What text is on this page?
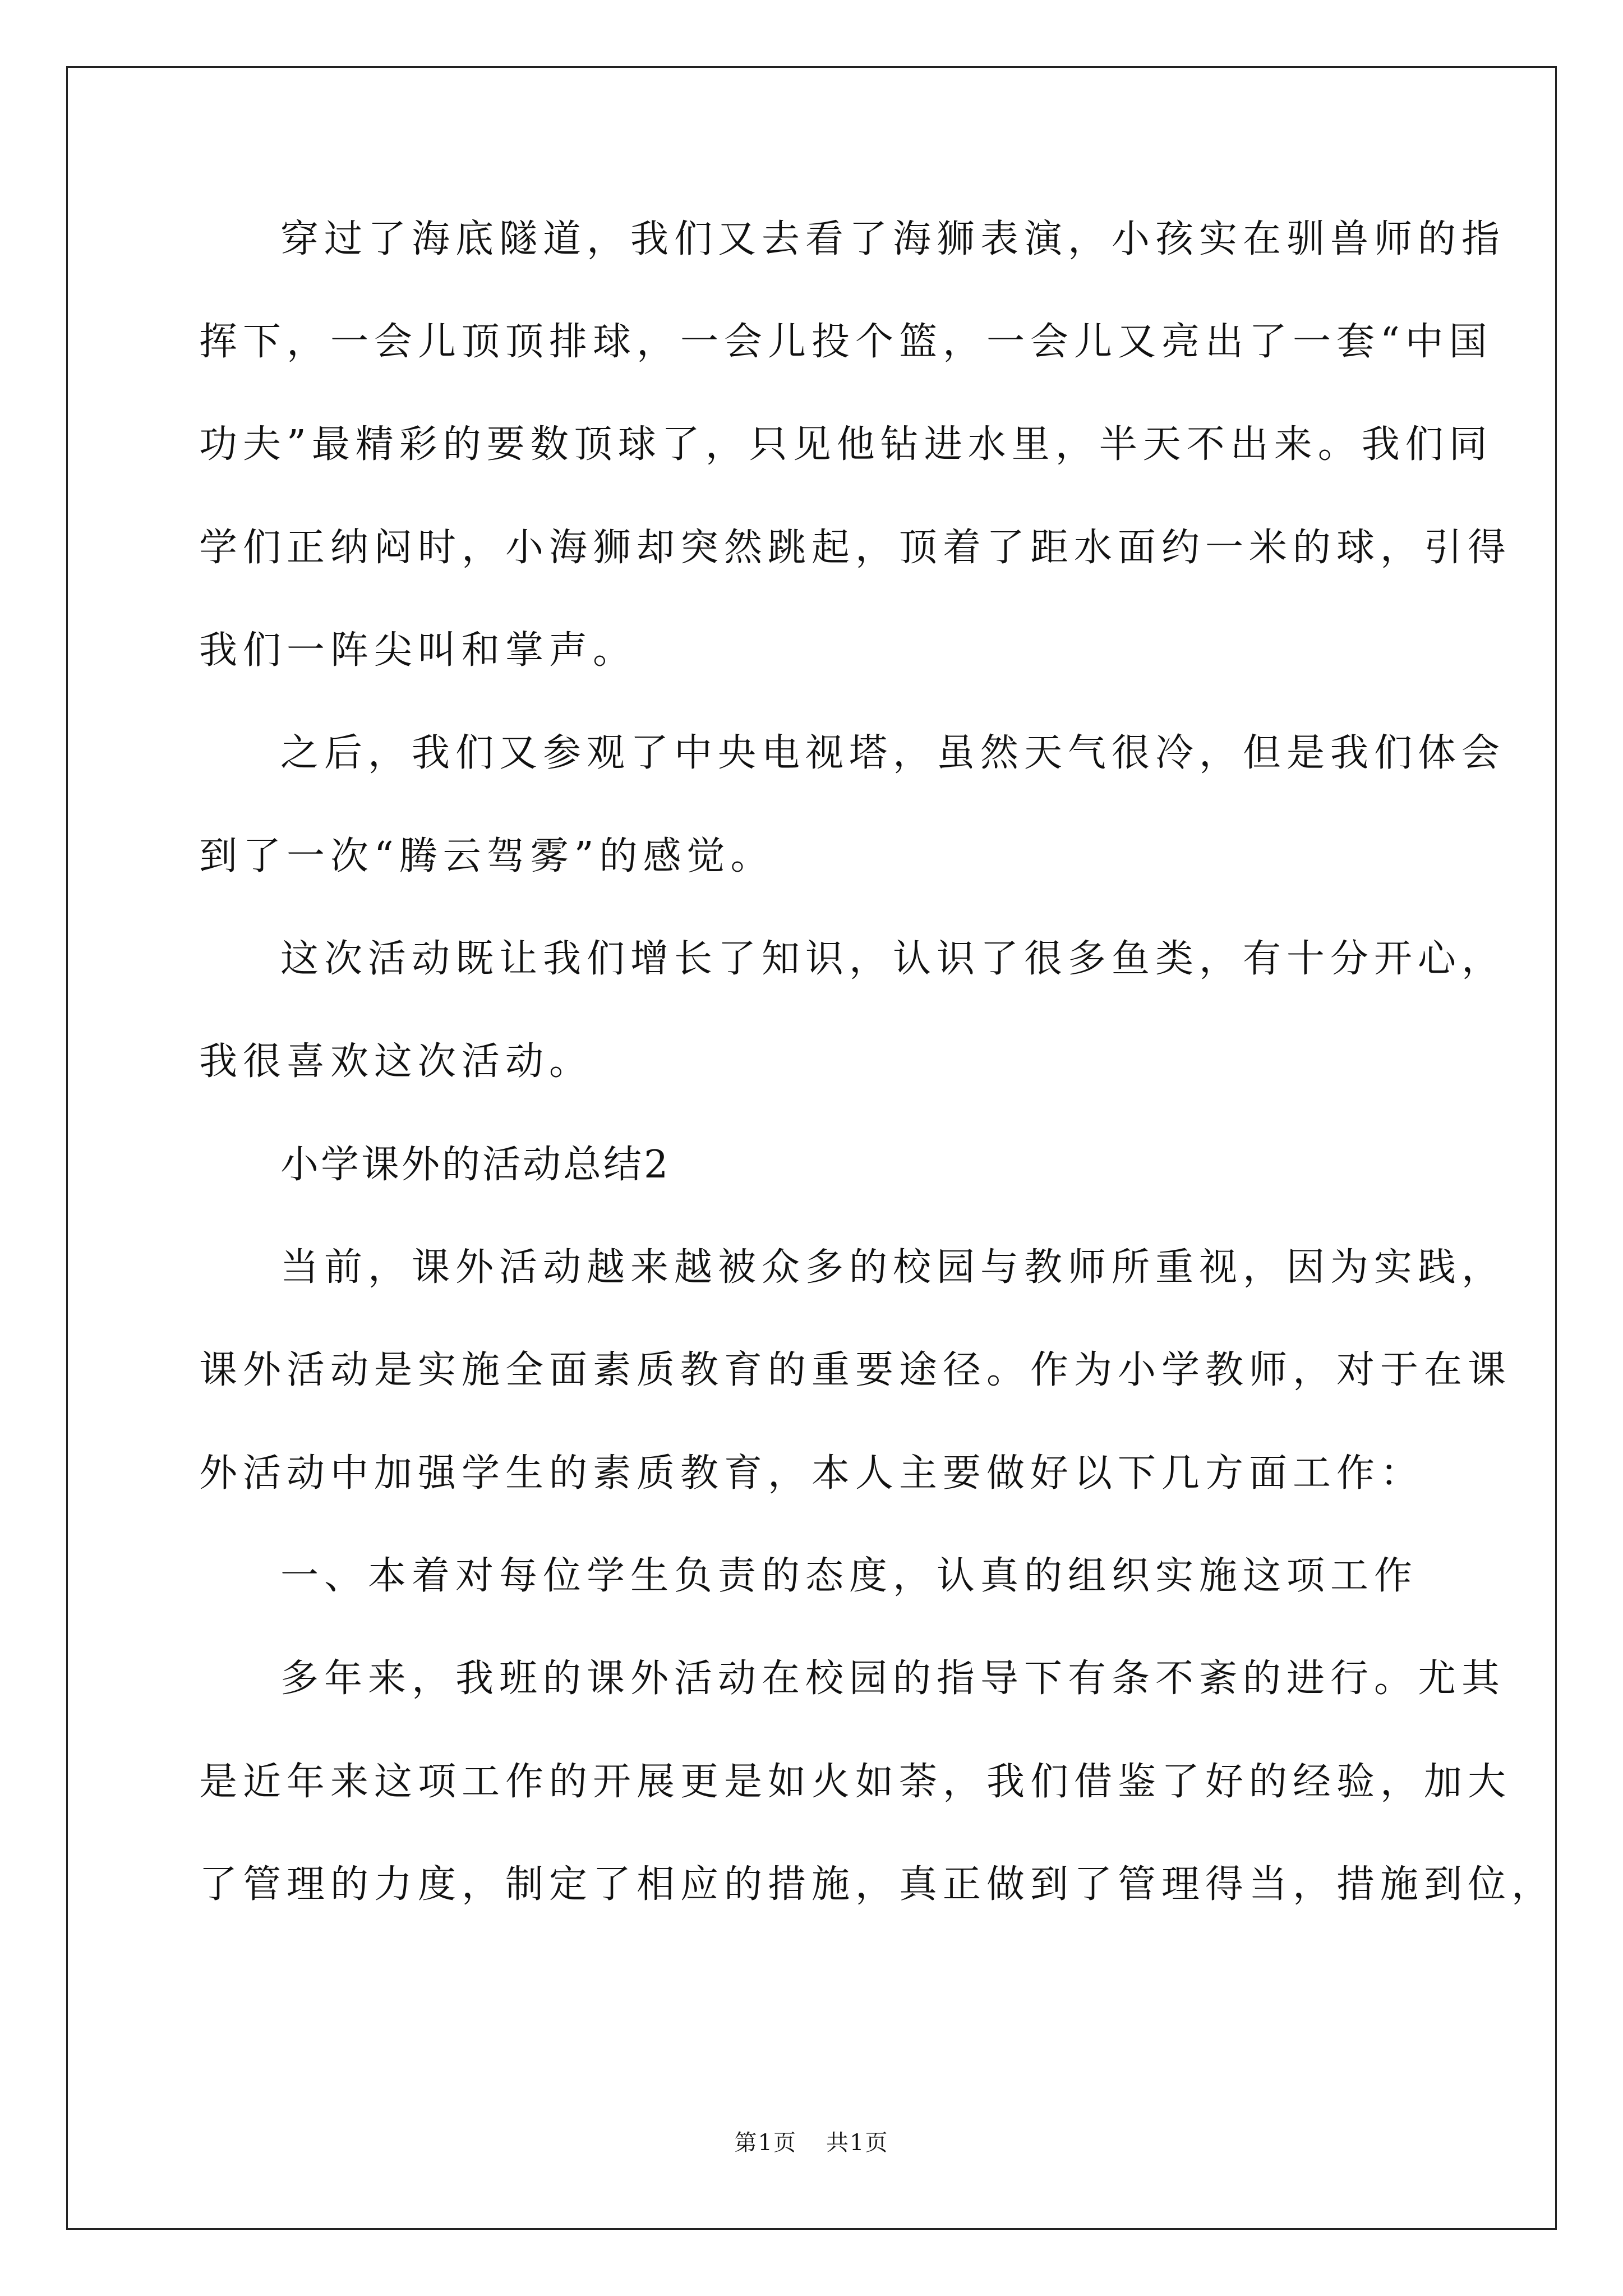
穿过了海底隧道，我们又去看了海狮表演，小孩实在驯兽师的指
挥下，一会儿顶顶排球，一会儿投个篮，一会儿又亮出了一套“中国
功夫”最精彩的要数顶球了，只见他钻进水里，半天不出来。我们同
学们正纳闷时，小海狮却突然跳起，顶着了距水面约一米的球，引得
我们一阵尖叫和掌声。
之后，我们又参观了中央电视塔，虽然天气很冷，但是我们体会
到了一次“腾云驾雾”的感觉。
这次活动既让我们增长了知识，认识了很多鱼类，有十分开心，
我很喜欢这次活动。
小学课外的活动总结2
当前，课外活动越来越被众多的校园与教师所重视，因为实践，
课外活动是实施全面素质教育的重要途径。作为小学教师，对于在课
外活动中加强学生的素质教育，本人主要做好以下几方面工作：
一、本着对每位学生负责的态度，认真的组织实施这项工作
多年来，我班的课外活动在校园的指导下有条不紊的进行。尤其
是近年来这项工作的开展更是如火如荼，我们借鉴了好的经验，加大
了管理的力度，制定了相应的措施，真正做到了管理得当，措施到位，
第1页 共1页
